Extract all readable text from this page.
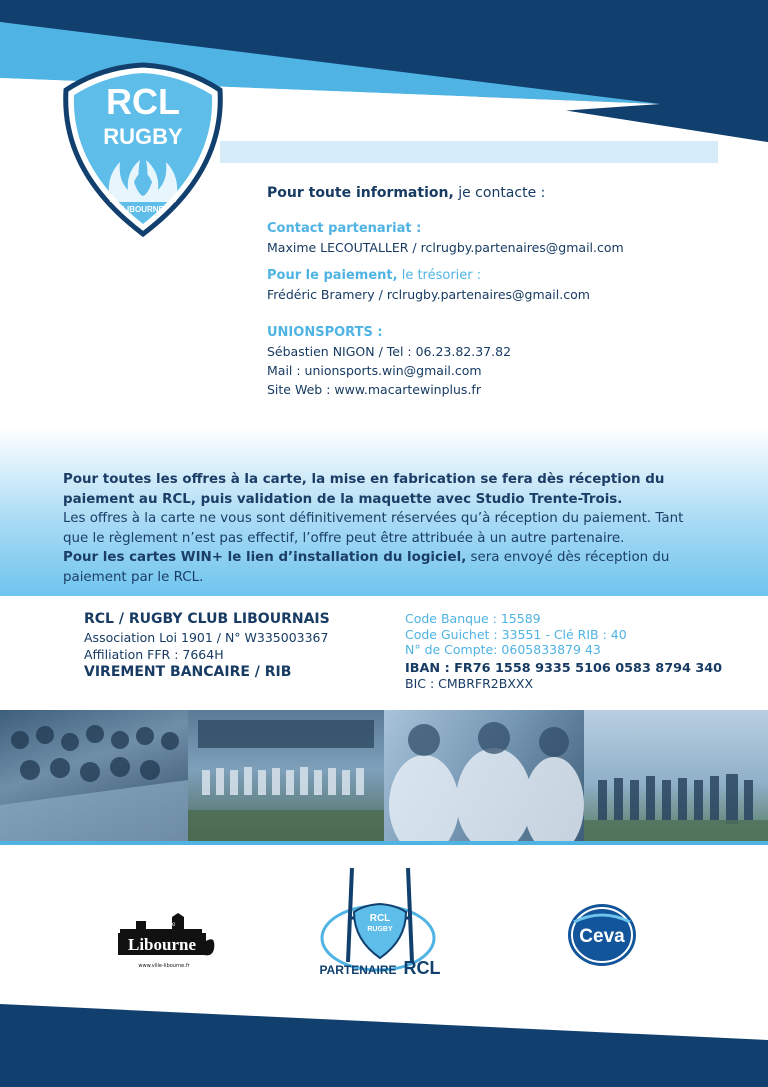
RCL
RUGBY
LIBOURNE
Pour toute information, je contacte :
Contact partenariat :
Maxime LECOUTALLER / rclrugby.partenaires@gmail.com
Pour le paiement, le trésorier :
Frédéric Bramery / rclrugby.partenaires@gmail.com
UNIONSPORTS :
Sébastien NIGON / Tel : 06.23.82.37.82
Mail : unionsports.win@gmail.com
Site Web : www.macartewinplus.fr
Pour toutes les offres à la carte, la mise en fabrication se fera dès réception du paiement au RCL, puis validation de la maquette avec Studio Trente-Trois.
Les offres à la carte ne vous sont définitivement réservées qu’à réception du paiement. Tant que le règlement n’est pas effectif, l’offre peut être attribuée à un autre partenaire.
Pour les cartes WIN+ le lien d’installation du logiciel, sera envoyé dès réception du paiement par le RCL.
RCL / RUGBY CLUB LIBOURNAIS
Association Loi 1901 / N° W335003367
Affiliation FFR : 7664H
VIREMENT BANCAIRE / RIB
Code Banque : 15589
Code Guichet : 33551 - Clé RIB : 40
N° de Compte: 0605833879 43
IBAN : FR76 1558 9335 5106 0583 8794 340
BIC : CMBRFR2BXXX
Ville de
Libourne
www.ville-libourne.fr
RCL
RUGBY
PARTENAIRE RCL
Ceva
